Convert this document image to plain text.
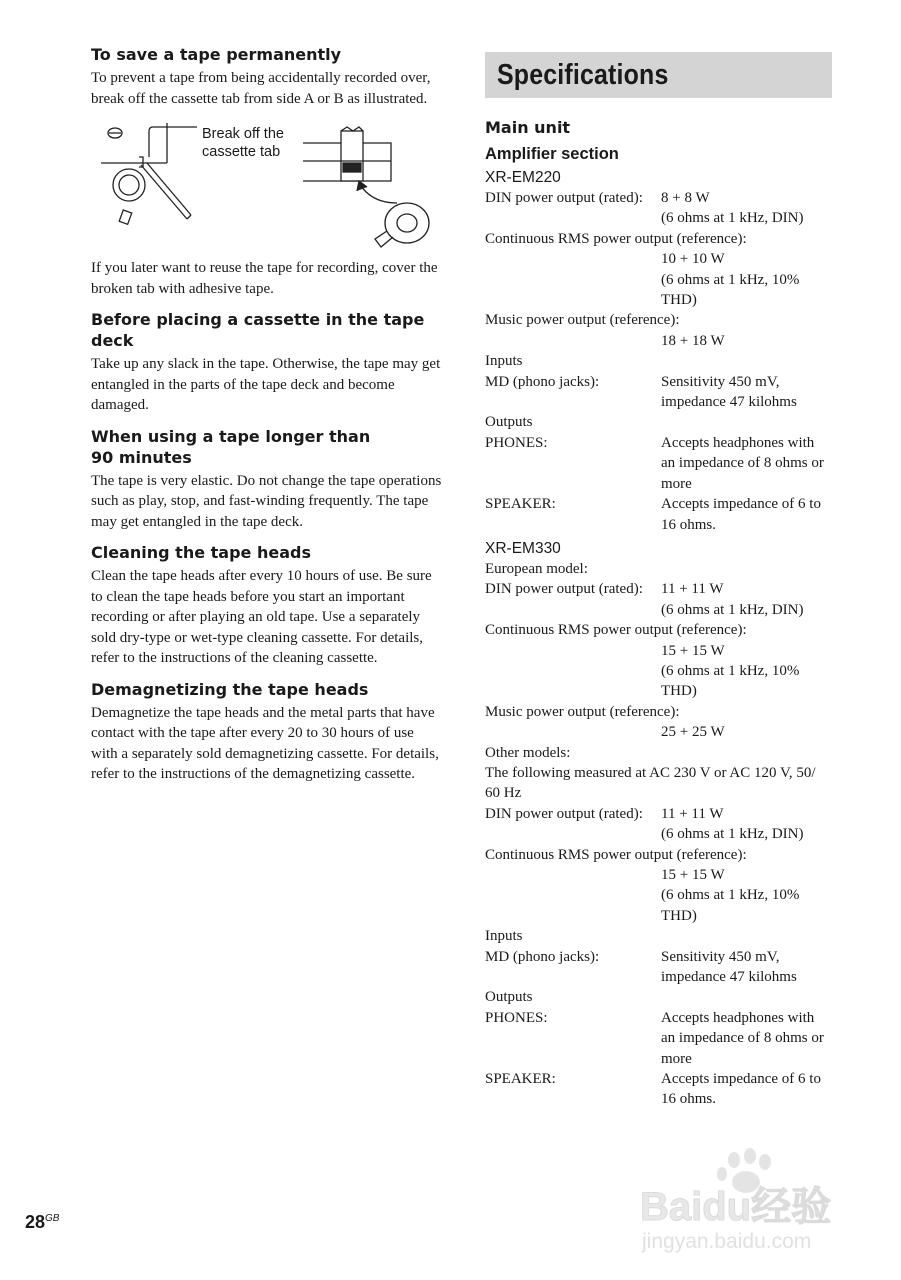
To save a tape permanently

To prevent a tape from being accidentally recorded over, break off the cassette tab from side A or B as illustrated.

Break off the
cassette tab

If you later want to reuse the tape for recording, cover the broken tab with adhesive tape.

Before placing a cassette in the tape
deck

Take up any slack in the tape. Otherwise, the tape may get entangled in the parts of the tape deck and become damaged.

When using a tape longer than
90 minutes

The tape is very elastic. Do not change the tape operations such as play, stop, and fast-winding frequently. The tape may get entangled in the tape deck.

Cleaning the tape heads

Clean the tape heads after every 10 hours of use. Be sure to clean the tape heads before you start an important recording or after playing an old tape. Use a separately sold dry-type or wet-type cleaning cassette. For details, refer to the instructions of the cleaning cassette.

Demagnetizing the tape heads

Demagnetize the tape heads and the metal parts that have contact with the tape after every 20 to 30 hours of use with a separately sold demagnetizing cassette. For details, refer to the instructions of the demagnetizing cassette.

Specifications
Main unit
Amplifier section
XR-EM220
DIN power output (rated):	8 + 8 W
(6 ohms at 1 kHz, DIN)
Continuous RMS power output (reference):
10 + 10 W
(6 ohms at 1 kHz, 10%
THD)
Music power output (reference):
18 + 18 W
Inputs
MD (phono jacks):	Sensitivity 450 mV,
impedance 47 kilohms
Outputs
PHONES:	Accepts headphones with
an impedance of 8 ohms or
more
SPEAKER:	Accepts impedance of 6 to
16 ohms.
XR-EM330
European model:
DIN power output (rated):	11 + 11 W
(6 ohms at 1 kHz, DIN)
Continuous RMS power output (reference):
15 + 15 W
(6 ohms at 1 kHz, 10%
THD)
Music power output (reference):
25 + 25 W
Other models:
The following measured at AC 230 V or AC 120 V, 50/
60 Hz
DIN power output (rated):	11 + 11 W
(6 ohms at 1 kHz, DIN)
Continuous RMS power output (reference):
15 + 15 W
(6 ohms at 1 kHz, 10%
THD)
Inputs
MD (phono jacks):	Sensitivity 450 mV,
impedance 47 kilohms
Outputs
PHONES:	Accepts headphones with
an impedance of 8 ohms or
more
SPEAKER:	Accepts impedance of 6 to
16 ohms.
$28^{GB}$	Baidu经验
jingyan.baidu.com
